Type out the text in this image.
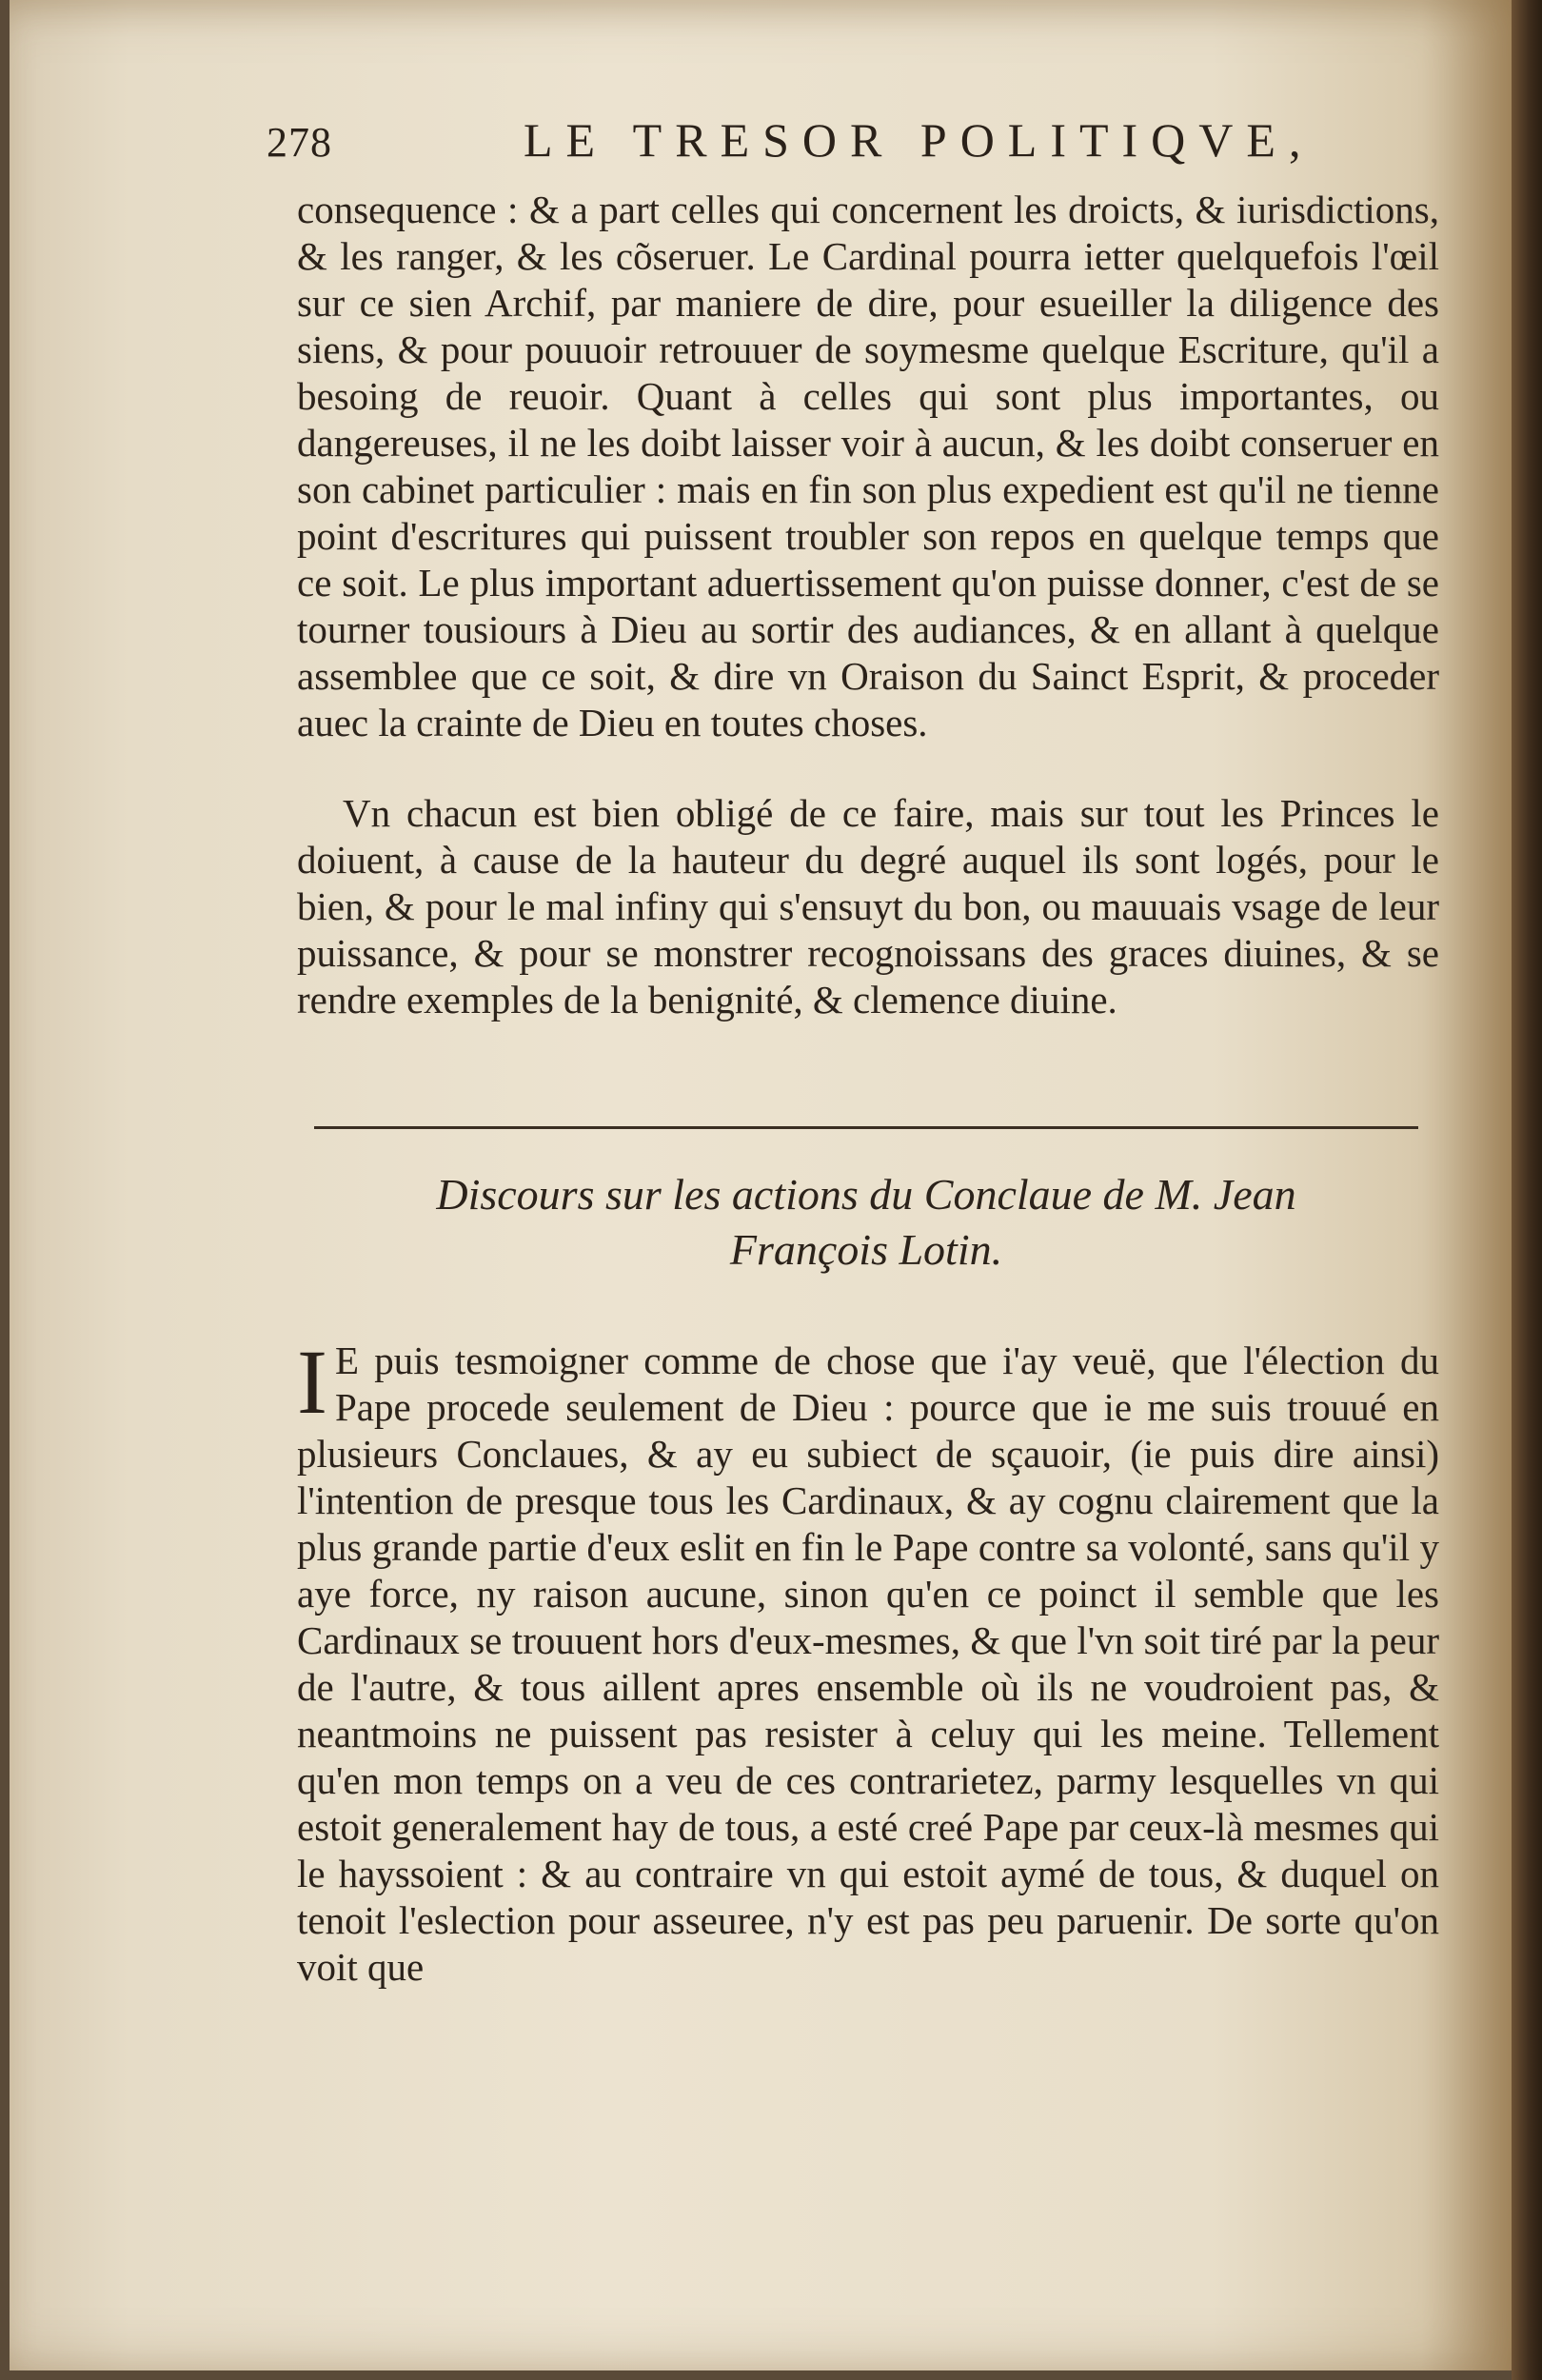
278	LE TRESOR POLITIQVE,

consequence : & a part celles qui concernent les droicts, & iurisdictions, & les ranger, & les cõseruer. Le Cardinal pourra ietter quelquefois l'œil sur ce sien Archif, par maniere de dire, pour esueiller la diligence des siens, & pour pouuoir retrouuer de soymesme quelque Escriture, qu'il a besoing de reuoir. Quant à celles qui sont plus importantes, ou dangereuses, il ne les doibt laisser voir à aucun, & les doibt conseruer en son cabinet particulier : mais en fin son plus expedient est qu'il ne tienne point d'escritures qui puissent troubler son repos en quelque temps que ce soit. Le plus important aduertissement qu'on puisse donner, c'est de se tourner tousiours à Dieu au sortir des audiances, & en allant à quelque assemblee que ce soit, & dire vn Oraison du Sainct Esprit, & proceder auec la crainte de Dieu en toutes choses.

Vn chacun est bien obligé de ce faire, mais sur tout les Princes le doiuent, à cause de la hauteur du degré auquel ils sont logés, pour le bien, & pour le mal infiny qui s'ensuyt du bon, ou mauuais vsage de leur puissance, & pour se monstrer recognoissans des graces diuines, & se rendre exemples de la benignité, & clemence diuine.

Discours sur les actions du Conclaue de M. Jean
François Lotin.
I E puis tesmoigner comme de chose que i'ay veuë, que l'élection du Pape procede seulement de Dieu : pource que ie me suis trouué en plusieurs Conclaues, & ay eu subiect de sçauoir, (ie puis dire ainsi) l'intention de presque tous les Cardinaux, & ay cognu clairement que la plus grande partie d'eux eslit en fin le Pape contre sa volonté, sans qu'il y aye force, ny raison aucune, sinon qu'en ce poinct il semble que les Cardinaux se trouuent hors d'eux-mesmes, & que l'vn soit tiré par la peur de l'autre, & tous aillent apres ensemble où ils ne voudroient pas, & neantmoins ne puissent pas resister à celuy qui les meine. Tellement qu'en mon temps on a veu de ces contrarietez, parmy lesquelles vn qui estoit generalement hay de tous, a esté creé Pape par ceux-là mesmes qui le hayssoient : & au contraire vn qui estoit aymé de tous, & duquel on tenoit l'eslection pour asseuree, n'y est pas peu paruenir. De sorte qu'on voit que
